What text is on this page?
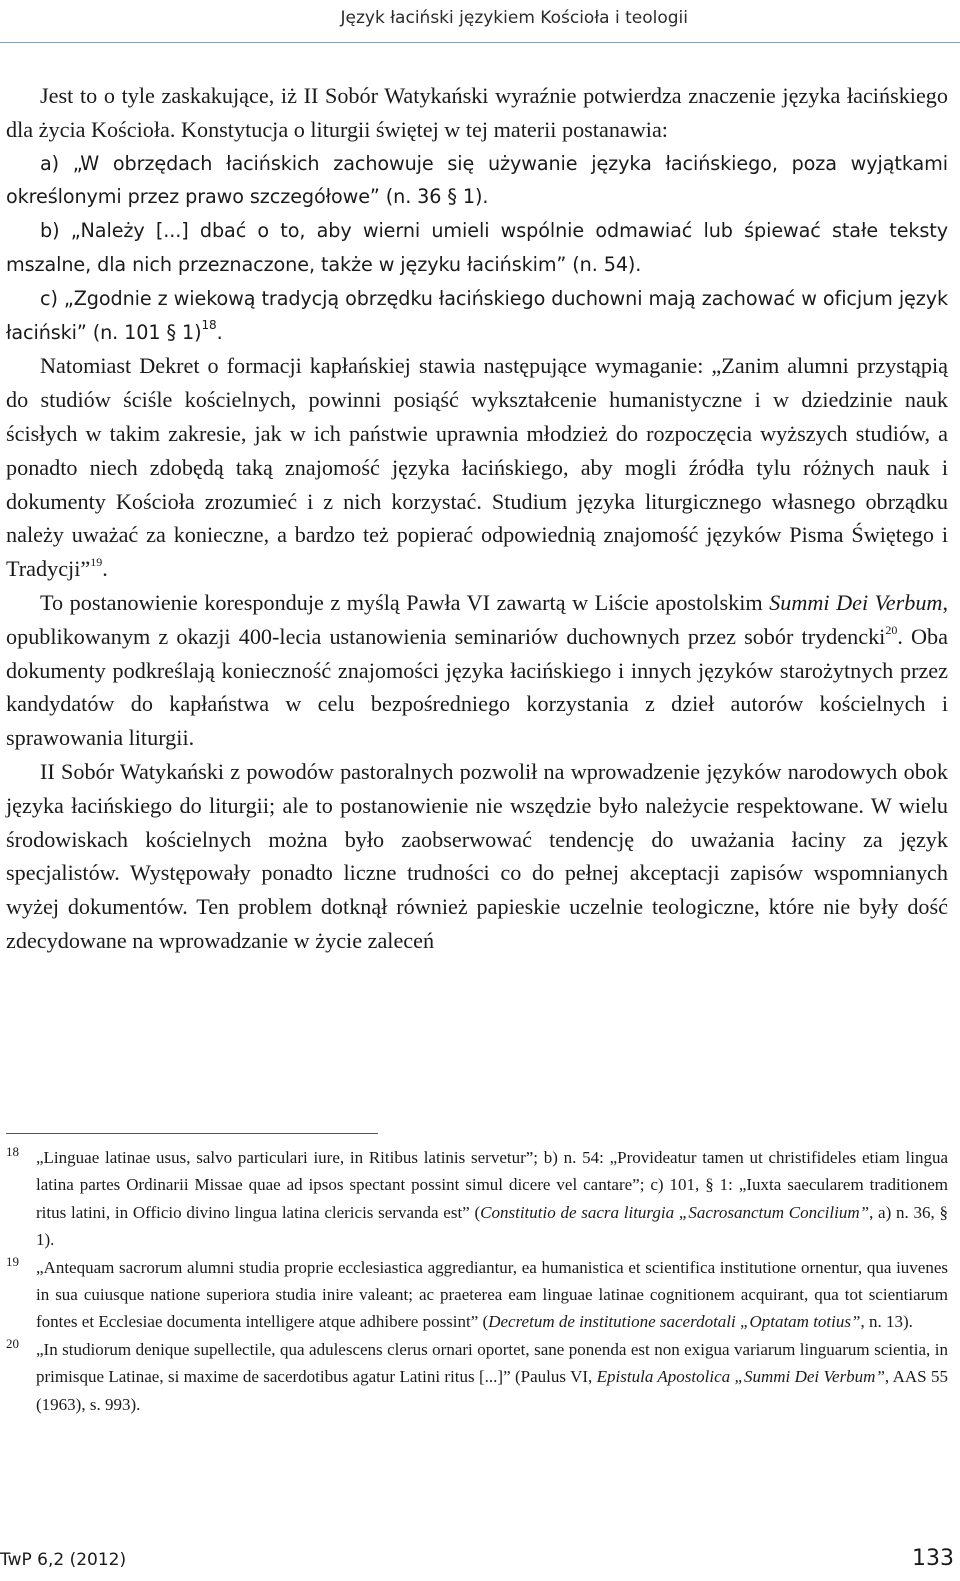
Język łaciński językiem Kościoła i teologii

Jest to o tyle zaskakujące, iż II Sobór Watykański wyraźnie potwierdza znaczenie języka łacińskiego dla życia Kościoła. Konstytucja o liturgii świętej w tej materii postanawia:

a) „W obrzędach łacińskich zachowuje się używanie języka łacińskiego, poza wyjątkami określonymi przez prawo szczegółowe” (n. 36 § 1).

b) „Należy [...] dbać o to, aby wierni umieli wspólnie odmawiać lub śpiewać stałe teksty mszalne, dla nich przeznaczone, także w języku łacińskim” (n. 54).

c) „Zgodnie z wiekową tradycją obrzędku łacińskiego duchowni mają zachować w oficjum język łaciński” (n. 101 § 1)$^{18}$.

Natomiast Dekret o formacji kapłańskiej stawia następujące wymaganie: „Zanim alumni przystąpią do studiów ściśle kościelnych, powinni posiąść wykształcenie humanistyczne i w dziedzinie nauk ścisłych w takim zakresie, jak w ich państwie uprawnia młodzież do rozpoczęcia wyższych studiów, a ponadto niech zdobędą taką znajomość języka łacińskiego, aby mogli źródła tylu różnych nauk i dokumenty Kościoła zrozumieć i z nich korzystać. Studium języka liturgicznego własnego obrządku należy uważać za konieczne, a bardzo też popierać odpowiednią znajomość języków Pisma Świętego i Tradycji”$^{19}$.

To postanowienie koresponduje z myślą Pawła VI zawartą w Liście apostolskim Summi Dei Verbum, opublikowanym z okazji 400-lecia ustanowienia seminariów duchownych przez sobór trydencki$^{20}$. Oba dokumenty podkreślają konieczność znajomości języka łacińskiego i innych języków starożytnych przez kandydatów do kapłaństwa w celu bezpośredniego korzystania z dzieł autorów kościelnych i sprawowania liturgii.

II Sobór Watykański z powodów pastoralnych pozwolił na wprowadzenie języków narodowych obok języka łacińskiego do liturgii; ale to postanowienie nie wszędzie było należycie respektowane. W wielu środowiskach kościelnych można było zaobserwować tendencję do uważania łaciny za język specjalistów. Występowały ponadto liczne trudności co do pełnej akceptacji zapisów wspomnianych wyżej dokumentów. Ten problem dotknął również papieskie uczelnie teologiczne, które nie były dość zdecydowane na wprowadzanie w życie zaleceń

18 „Linguae latinae usus, salvo particulari iure, in Ritibus latinis servetur”; b) n. 54: „Provideatur tamen ut christifideles etiam lingua latina partes Ordinarii Missae quae ad ipsos spectant possint simul dicere vel cantare”; c) 101, § 1: „Iuxta saecularem traditionem ritus latini, in Officio divino lingua latina clericis servanda est” (Constitutio de sacra liturgia „Sacrosanctum Concilium”, a) n. 36, § 1).

19 „Antequam sacrorum alumni studia proprie ecclesiastica aggrediantur, ea humanistica et scientifica institutione ornentur, qua iuvenes in sua cuiusque natione superiora studia inire valeant; ac praeterea eam linguae latinae cognitionem acquirant, qua tot scientiarum fontes et Ecclesiae documenta intelligere atque adhibere possint” (Decretum de institutione sacerdotali „Optatam totius”, n. 13).

20 „In studiorum denique supellectile, qua adulescens clerus ornari oportet, sane ponenda est non exigua variarum linguarum scientia, in primisque Latinae, si maxime de sacerdotibus agatur Latini ritus [...]” (Paulus VI, Epistula Apostolica „Summi Dei Verbum”, AAS 55 (1963), s. 993).

TwP 6,2 (2012)	133
